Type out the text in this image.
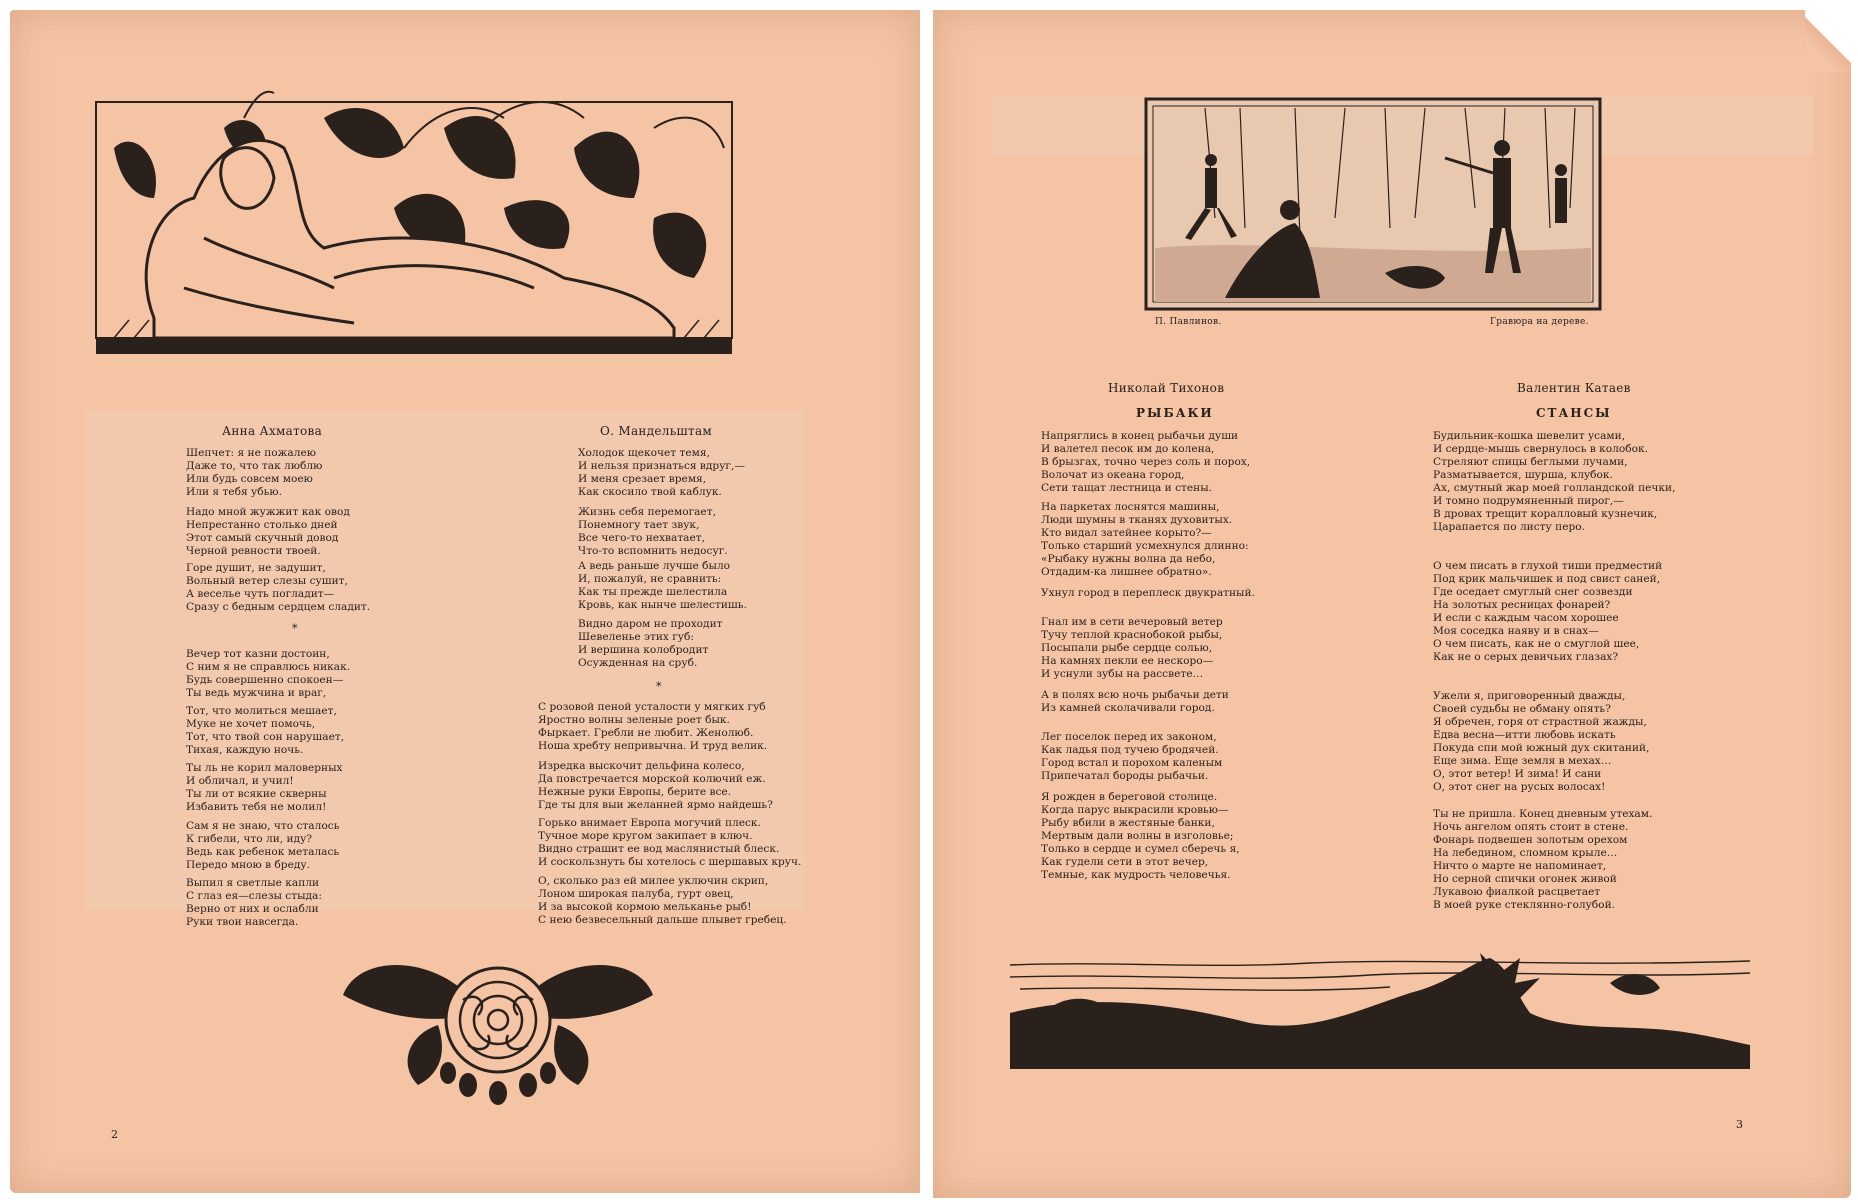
Анна Ахматова	О. Мандельштам
Шепчет: я не пожалею
Даже то, что так люблю
Или будь совсем моею
Или я тебя убью.
Надо мной жужжит как овод
Непрестанно столько дней
Этот самый скучный довод
Черной ревности твоей.
Горе душит, не задушит,
Вольный ветер слезы сушит,
А веселье чуть погладит—
Сразу с бедным сердцем сладит.
*
Вечер тот казни достоин,
С ним я не справлюсь никак.
Будь совершенно спокоен—
Ты ведь мужчина и враг,
Тот, что молиться мешает,
Муке не хочет помочь,
Тот, что твой сон нарушает,
Тихая, каждую ночь.
Ты ль не корил маловерных
И обличал, и учил!
Ты ли от всякие скверны
Избавить тебя не молил!
Сам я не знаю, что сталось
К гибели, что ли, иду?
Ведь как ребенок металась
Передо мною в бреду.
Выпил я светлые капли
С глаз ея—слезы стыда:
Верно от них и ослабли
Руки твои навсегда.
Холодок щекочет темя,
И нельзя признаться вдруг,—
И меня срезает время,
Как скосило твой каблук.
Жизнь себя перемогает,
Понемногу тает звук,
Все чего-то нехватает,
Что-то вспомнить недосуг.
А ведь раньше лучше было
И, пожалуй, не сравнить:
Как ты прежде шелестила
Кровь, как нынче шелестишь.
Видно даром не проходит
Шевеленье этих губ:
И вершина колобродит
Осужденная на сруб.
*
С розовой пеной усталости у мягких губ
Яростно волны зеленые роет бык.
Фыркает. Гребли не любит. Женолюб.
Ноша хребту непривычна. И труд велик.
Изредка выскочит дельфина колесо,
Да повстречается морской колючий еж.
Нежные руки Европы, берите все.
Где ты для выи желанней ярмо найдешь?
Горько внимает Европа могучий плеск.
Тучное море кругом закипает в ключ.
Видно страшит ее вод маслянистый блеск.
И соскользнуть бы хотелось с шершавых круч.
О, сколько раз ей милее уключин скрип,
Лоном широкая палуба, гурт овец,
И за высокой кормою мельканье рыб!
С нею безвесельный дальше плывет гребец.
2
П. Павлинов.	Гравюра на дереве.
Николай Тихонов
РЫБАКИ
Валентин Катаев
СТАНСЫ
Напряглись в конец рыбачьи души
И валетел песок им до колена,
В брызгах, точно через соль и порох,
Волочат из океана город,
Сети тащат лестница и стены.
На паркетах лоснятся машины,
Люди шумны в тканях духовитых.
Кто видал затейнее корыто?—
Только старший усмехнулся длинно:
«Рыбаку нужны волна да небо,
Отдадим-ка лишнее обратно».
Ухнул город в переплеск двукратный.
Гнал им в сети вечеровый ветер
Тучу теплой краснобокой рыбы,
Посыпали рыбе сердце солью,
На камнях пекли ее нескоро—
И уснули зубы на рассвете…
А в полях всю ночь рыбачьи дети
Из камней сколачивали город.
Лег поселок перед их законом,
Как ладья под тучею бродячей.
Город встал и порохом каленым
Припечатал бороды рыбачьи.
Я рожден в береговой столице.
Когда парус выкрасили кровью—
Рыбу вбили в жестяные банки,
Мертвым дали волны в изголовье;
Только в сердце и сумел сберечь я,
Как гудели сети в этот вечер,
Темные, как мудрость человечья.
Будильник-кошка шевелит усами,
И сердце-мышь свернулось в колобок.
Стреляют спицы беглыми лучами,
Разматывается, шурша, клубок.
Ах, смутный жар моей голландской печки,
И томно подрумяненный пирог,—
В дровах трещит коралловый кузнечик,
Царапается по листу перо.
О чем писать в глухой тиши предместий
Под крик мальчишек и под свист саней,
Где оседает смуглый снег созвезди
На золотых ресницах фонарей?
И если с каждым часом хорошее
Моя соседка наяву и в снах—
О чем писать, как не о смуглой шее,
Как не о серых девичьих глазах?
Ужели я, приговоренный дважды,
Своей судьбы не обману опять?
Я обречен, горя от страстной жажды,
Едва весна—итти любовь искать
Покуда спи мой южный дух скитаний,
Еще зима. Еще земля в мехах…
О, этот ветер! И зима! И сани
О, этот снег на русых волосах!
Ты не пришла. Конец дневным утехам.
Ночь ангелом опять стоит в стене.
Фонарь подвешен золотым орехом
На лебедином, сломном крыле…
Ничто о марте не напоминает,
Но серной спички огонек живой
Лукавою фиалкой расцветает
В моей руке стеклянно-голубой.
3
